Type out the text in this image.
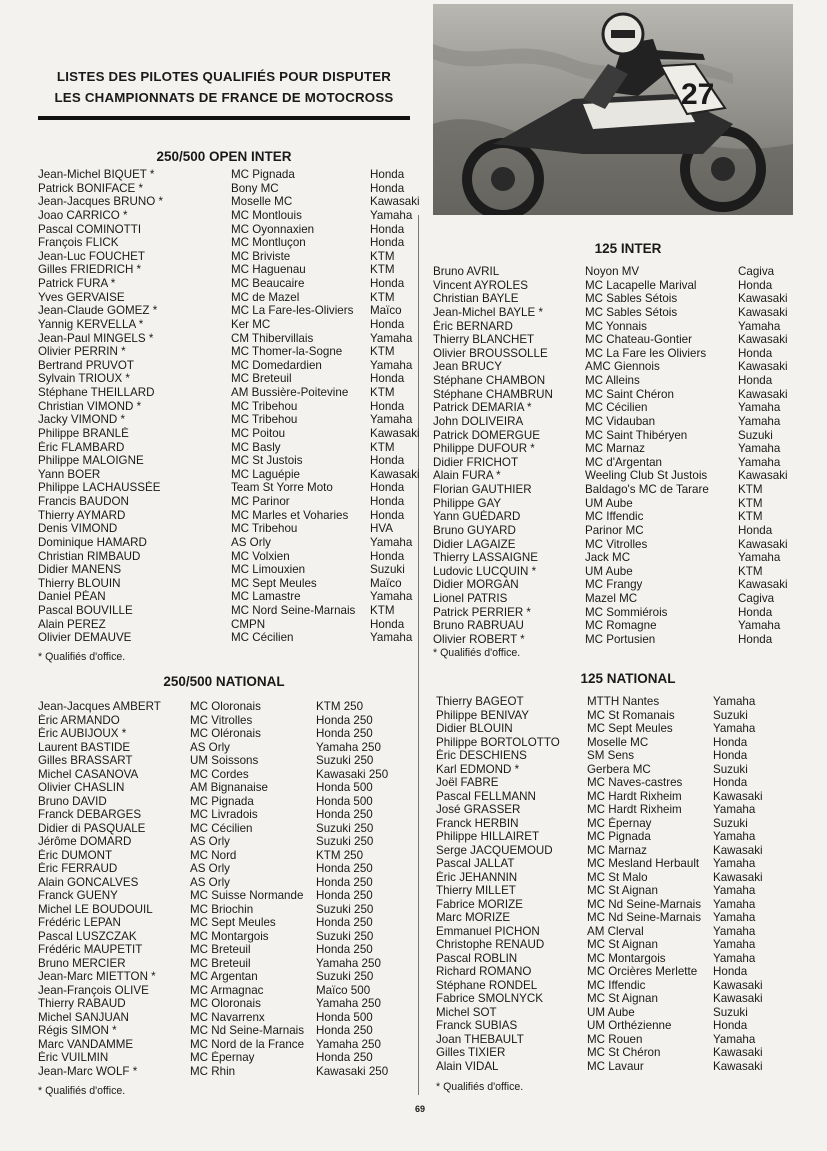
LISTES DES PILOTES QUALIFIÉS POUR DISPUTER
LES CHAMPIONNATS DE FRANCE DE MOTOCROSS	27
250/500 OPEN INTER
Jean-Michel BIQUET *	MC Pignada	Honda
Patrick BONIFACE *	Bony MC	Honda
Jean-Jacques BRUNO *	Moselle MC	Kawasaki
Joao CARRICO *	MC Montlouis	Yamaha
Pascal COMINOTTI	MC Oyonnaxien	Honda
François FLICK	MC Montluçon	Honda
Jean-Luc FOUCHET	MC Briviste	KTM
Gilles FRIEDRICH *	MC Haguenau	KTM
Patrick FURA *	MC Beaucaire	Honda
Yves GERVAISE	MC de Mazel	KTM
Jean-Claude GOMEZ *	MC La Fare-les-Oliviers	Maïco
Yannig KERVELLA *	Ker MC	Honda
Jean-Paul MINGELS *	CM Thibervillais	Yamaha
Olivier PERRIN *	MC Thomer-la-Sogne	KTM
Bertrand PRUVOT	MC Domedardien	Yamaha
Sylvain TRIOUX *	MC Breteuil	Honda
Stéphane THEILLARD	AM Bussière-Poitevine	KTM
Christian VIMOND *	MC Tribehou	Honda
Jacky VIMOND *	MC Tribehou	Yamaha
Philippe BRANLÉ	MC Poitou	Kawasaki
Éric FLAMBARD	MC Basly	KTM
Philippe MALOIGNE	MC St Justois	Honda
Yann BOER	MC Laguépie	Kawasaki
Philippe LACHAUSSÉE	Team St Yorre Moto	Honda
Francis BAUDON	MC Parinor	Honda
Thierry AYMARD	MC Marles et Voharies	Honda
Denis VIMOND	MC Tribehou	HVA
Dominique HAMARD	AS Orly	Yamaha
Christian RIMBAUD	MC Volxien	Honda
Didier MANENS	MC Limouxien	Suzuki
Thierry BLOUIN	MC Sept Meules	Maïco
Daniel PÉAN	MC Lamastre	Yamaha
Pascal BOUVILLE	MC Nord Seine-Marnais	KTM
Alain PEREZ	CMPN	Honda
Olivier DEMAUVE	MC Cécilien	Yamaha
* Qualifiés d'office.
250/500 NATIONAL
Jean-Jacques AMBERT	MC Oloronais	KTM 250
Éric ARMANDO	MC Vitrolles	Honda 250
Éric AUBIJOUX *	MC Oléronais	Honda 250
Laurent BASTIDE	AS Orly	Yamaha 250
Gilles BRASSART	UM Soissons	Suzuki 250
Michel CASANOVA	MC Cordes	Kawasaki 250
Olivier CHASLIN	AM Bignanaise	Honda 500
Bruno DAVID	MC Pignada	Honda 500
Franck DEBARGES	MC Livradois	Honda 250
Didier di PASQUALE	MC Cécilien	Suzuki 250
Jérôme DOMARD	AS Orly	Suzuki 250
Éric DUMONT	MC Nord	KTM 250
Éric FERRAUD	AS Orly	Honda 250
Alain GONCALVES	AS Orly	Honda 250
Franck GUENY	MC Suisse Normande	Honda 250
Michel LE BOUDOUIL	MC Briochin	Suzuki 250
Frédéric LEPAN	MC Sept Meules	Honda 250
Pascal LUSZCZAK	MC Montargois	Suzuki 250
Frédéric MAUPETIT	MC Breteuil	Honda 250
Bruno MERCIER	MC Breteuil	Yamaha 250
Jean-Marc MIETTON *	MC Argentan	Suzuki 250
Jean-François OLIVE	MC Armagnac	Maïco 500
Thierry RABAUD	MC Oloronais	Yamaha 250
Michel SANJUAN	MC Navarrenx	Honda 500
Régis SIMON *	MC Nd Seine-Marnais	Honda 250
Marc VANDAMME	MC Nord de la France	Yamaha 250
Éric VUILMIN	MC Épernay	Honda 250
Jean-Marc WOLF *	MC Rhin	Kawasaki 250
* Qualifiés d'office.
125 INTER
Bruno AVRIL	Noyon MV	Cagiva
Vincent AYROLES	MC Lacapelle Marival	Honda
Christian BAYLE	MC Sables Sétois	Kawasaki
Jean-Michel BAYLE *	MC Sables Sétois	Kawasaki
Éric BERNARD	MC Yonnais	Yamaha
Thierry BLANCHET	MC Chateau-Gontier	Kawasaki
Olivier BROUSSOLLE	MC La Fare les Oliviers	Honda
Jean BRUCY	AMC Giennois	Kawasaki
Stéphane CHAMBON	MC Alleins	Honda
Stéphane CHAMBRUN	MC Saint Chéron	Kawasaki
Patrick DEMARIA *	MC Cécilien	Yamaha
John DOLIVEIRA	MC Vidauban	Yamaha
Patrick DOMERGUE	MC Saint Thibéryen	Suzuki
Philippe DUFOUR *	MC Marnaz	Yamaha
Didier FRICHOT	MC d'Argentan	Yamaha
Alain FURA *	Weeling Club St Justois	Kawasaki
Florian GAUTHIER	Baldago's MC de Tarare	KTM
Philippe GAY	UM Aube	KTM
Yann GUÉDARD	MC Iffendic	KTM
Bruno GUYARD	Parinor MC	Honda
Didier LAGAIZE	MC Vitrolles	Kawasaki
Thierry LASSAIGNE	Jack MC	Yamaha
Ludovic LUCQUIN *	UM Aube	KTM
Didier MORGAN	MC Frangy	Kawasaki
Lionel PATRIS	Mazel MC	Cagiva
Patrick PERRIER *	MC Sommiérois	Honda
Bruno RABRUAU	MC Romagne	Yamaha
Olivier ROBERT *	MC Portusien	Honda
* Qualifiés d'office.
125 NATIONAL
Thierry BAGEOT	MTTH Nantes	Yamaha
Philippe BENIVAY	MC St Romanais	Suzuki
Didier BLOUIN	MC Sept Meules	Yamaha
Philippe BORTOLOTTO	Moselle MC	Honda
Éric DESCHIENS	SM Sens	Honda
Karl EDMOND *	Gerbera MC	Suzuki
Joël FABRE	MC Naves-castres	Honda
Pascal FELLMANN	MC Hardt Rixheim	Kawasaki
José GRASSER	MC Hardt Rixheim	Yamaha
Franck HERBIN	MC Épernay	Suzuki
Philippe HILLAIRET	MC Pignada	Yamaha
Serge JACQUEMOUD	MC Marnaz	Kawasaki
Pascal JALLAT	MC Mesland Herbault	Yamaha
Éric JEHANNIN	MC St Malo	Kawasaki
Thierry MILLET	MC St Aignan	Yamaha
Fabrice MORIZE	MC Nd Seine-Marnais	Yamaha
Marc MORIZE	MC Nd Seine-Marnais	Yamaha
Emmanuel PICHON	AM Clerval	Yamaha
Christophe RENAUD	MC St Aignan	Yamaha
Pascal ROBLIN	MC Montargois	Yamaha
Richard ROMANO	MC Orcières Merlette	Honda
Stéphane RONDEL	MC Iffendic	Kawasaki
Fabrice SMOLNYCK	MC St Aignan	Kawasaki
Michel SOT	UM Aube	Suzuki
Franck SUBIAS	UM Orthézienne	Honda
Joan THEBAULT	MC Rouen	Yamaha
Gilles TIXIER	MC St Chéron	Kawasaki
Alain VIDAL	MC Lavaur	Kawasaki
* Qualifiés d'office.
69
